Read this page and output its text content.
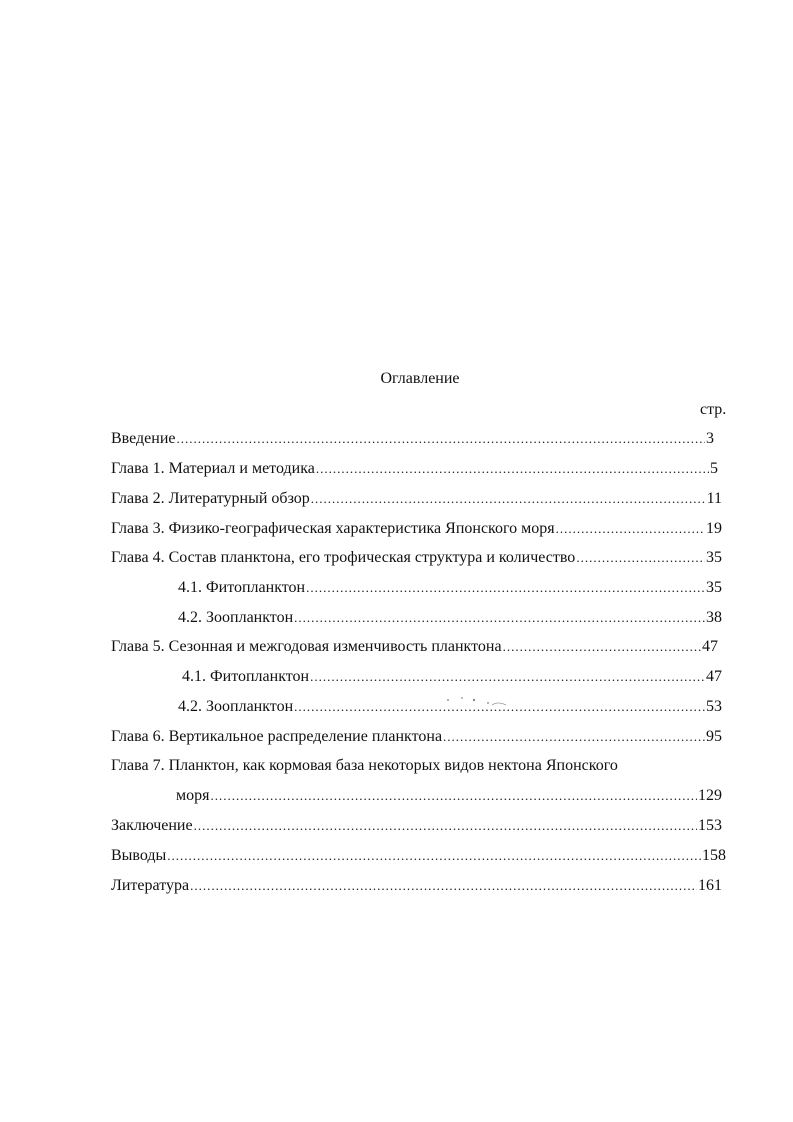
Оглавление
стр.
Введение .....	3
Глава 1. Материал и методика .....	5
Глава 2. Литературный обзор .....	11
Глава 3. Физико-географическая характеристика Японского моря .....	19
Глава 4. Состав планктона, его трофическая структура и количество .....	35
4.1. Фитопланктон .....	35
4.2. Зоопланктон .....	38
Глава 5. Сезонная и межгодовая изменчивость планктона .....	47
4.1. Фитопланктон .....	47
4.2. Зоопланктон .....	53
Глава 6. Вертикальное распределение планктона .....	95
Глава 7. Планктон, как кормовая база некоторых видов нектона Японского
моря .....	129
Заключение .....	153
Выводы .....	158
Литература .....	161
